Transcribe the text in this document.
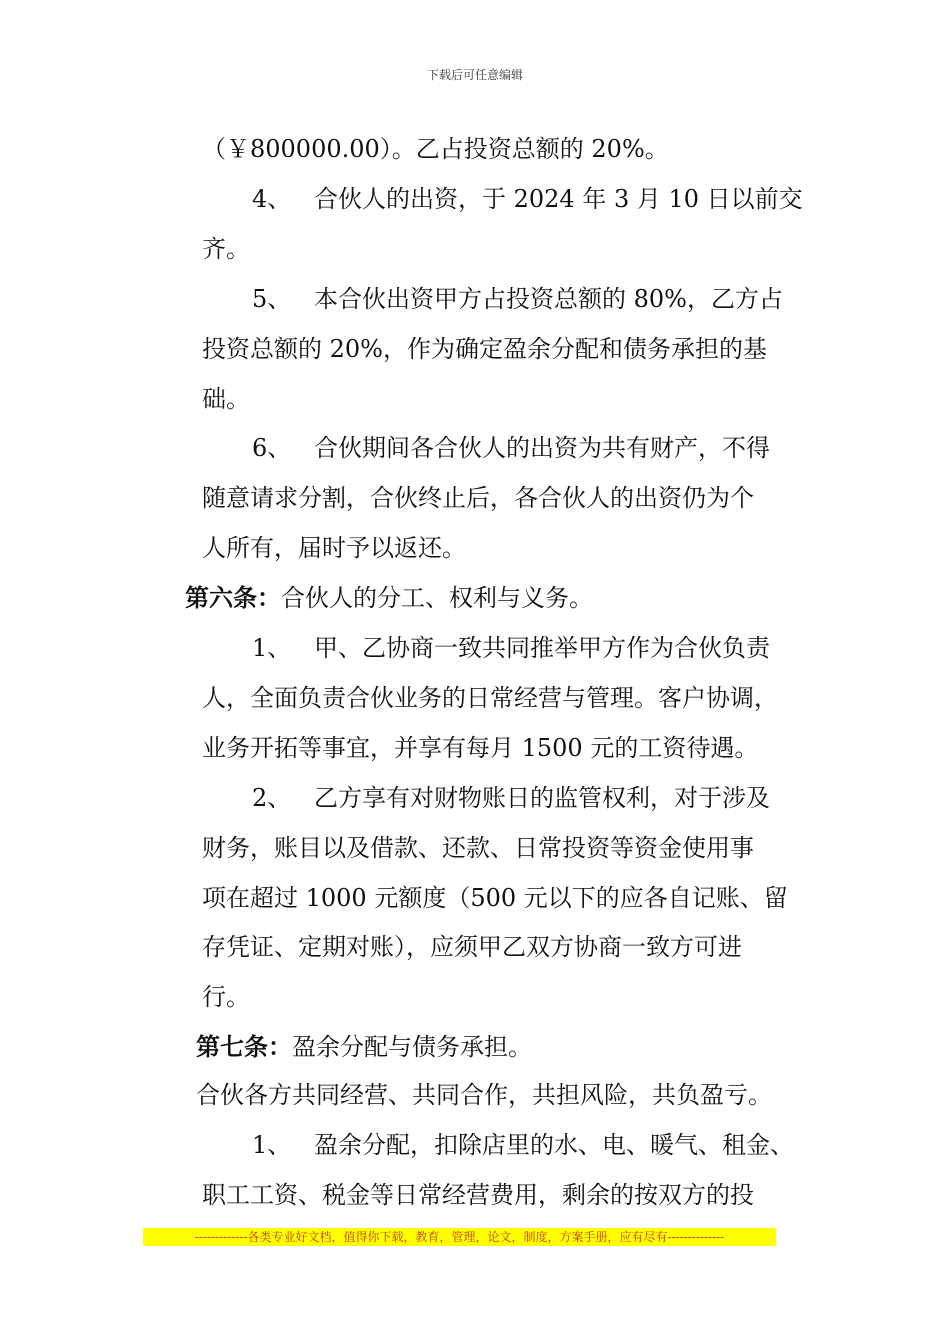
下载后可任意编辑
（￥800000.00）。乙占投资总额的 20%。
4、 合伙人的出资，于 2024 年 3 月 10 日以前交
齐。
5、 本合伙出资甲方占投资总额的 80%，乙方占
投资总额的 20%，作为确定盈余分配和债务承担的基
础。
6、 合伙期间各合伙人的出资为共有财产，不得
随意请求分割，合伙终止后，各合伙人的出资仍为个
人所有，届时予以返还。
第六条：合伙人的分工、权利与义务。
1、 甲、乙协商一致共同推举甲方作为合伙负责
人，全面负责合伙业务的日常经营与管理。客户协调，
业务开拓等事宜，并享有每月 1500 元的工资待遇。
2、 乙方享有对财物账日的监管权利，对于涉及
财务，账目以及借款、还款、日常投资等资金使用事
项在超过 1000 元额度（500 元以下的应各自记账、留
存凭证、定期对账），应须甲乙双方协商一致方可进
行。
第七条：盈余分配与债务承担。
合伙各方共同经营、共同合作，共担风险，共负盈亏。
1、 盈余分配，扣除店里的水、电、暖气、租金、
职工工资、税金等日常经营费用，剩余的按双方的投
-------------各类专业好文档，值得你下载，教育，管理，论文，制度，方案手册，应有尽有--------------
